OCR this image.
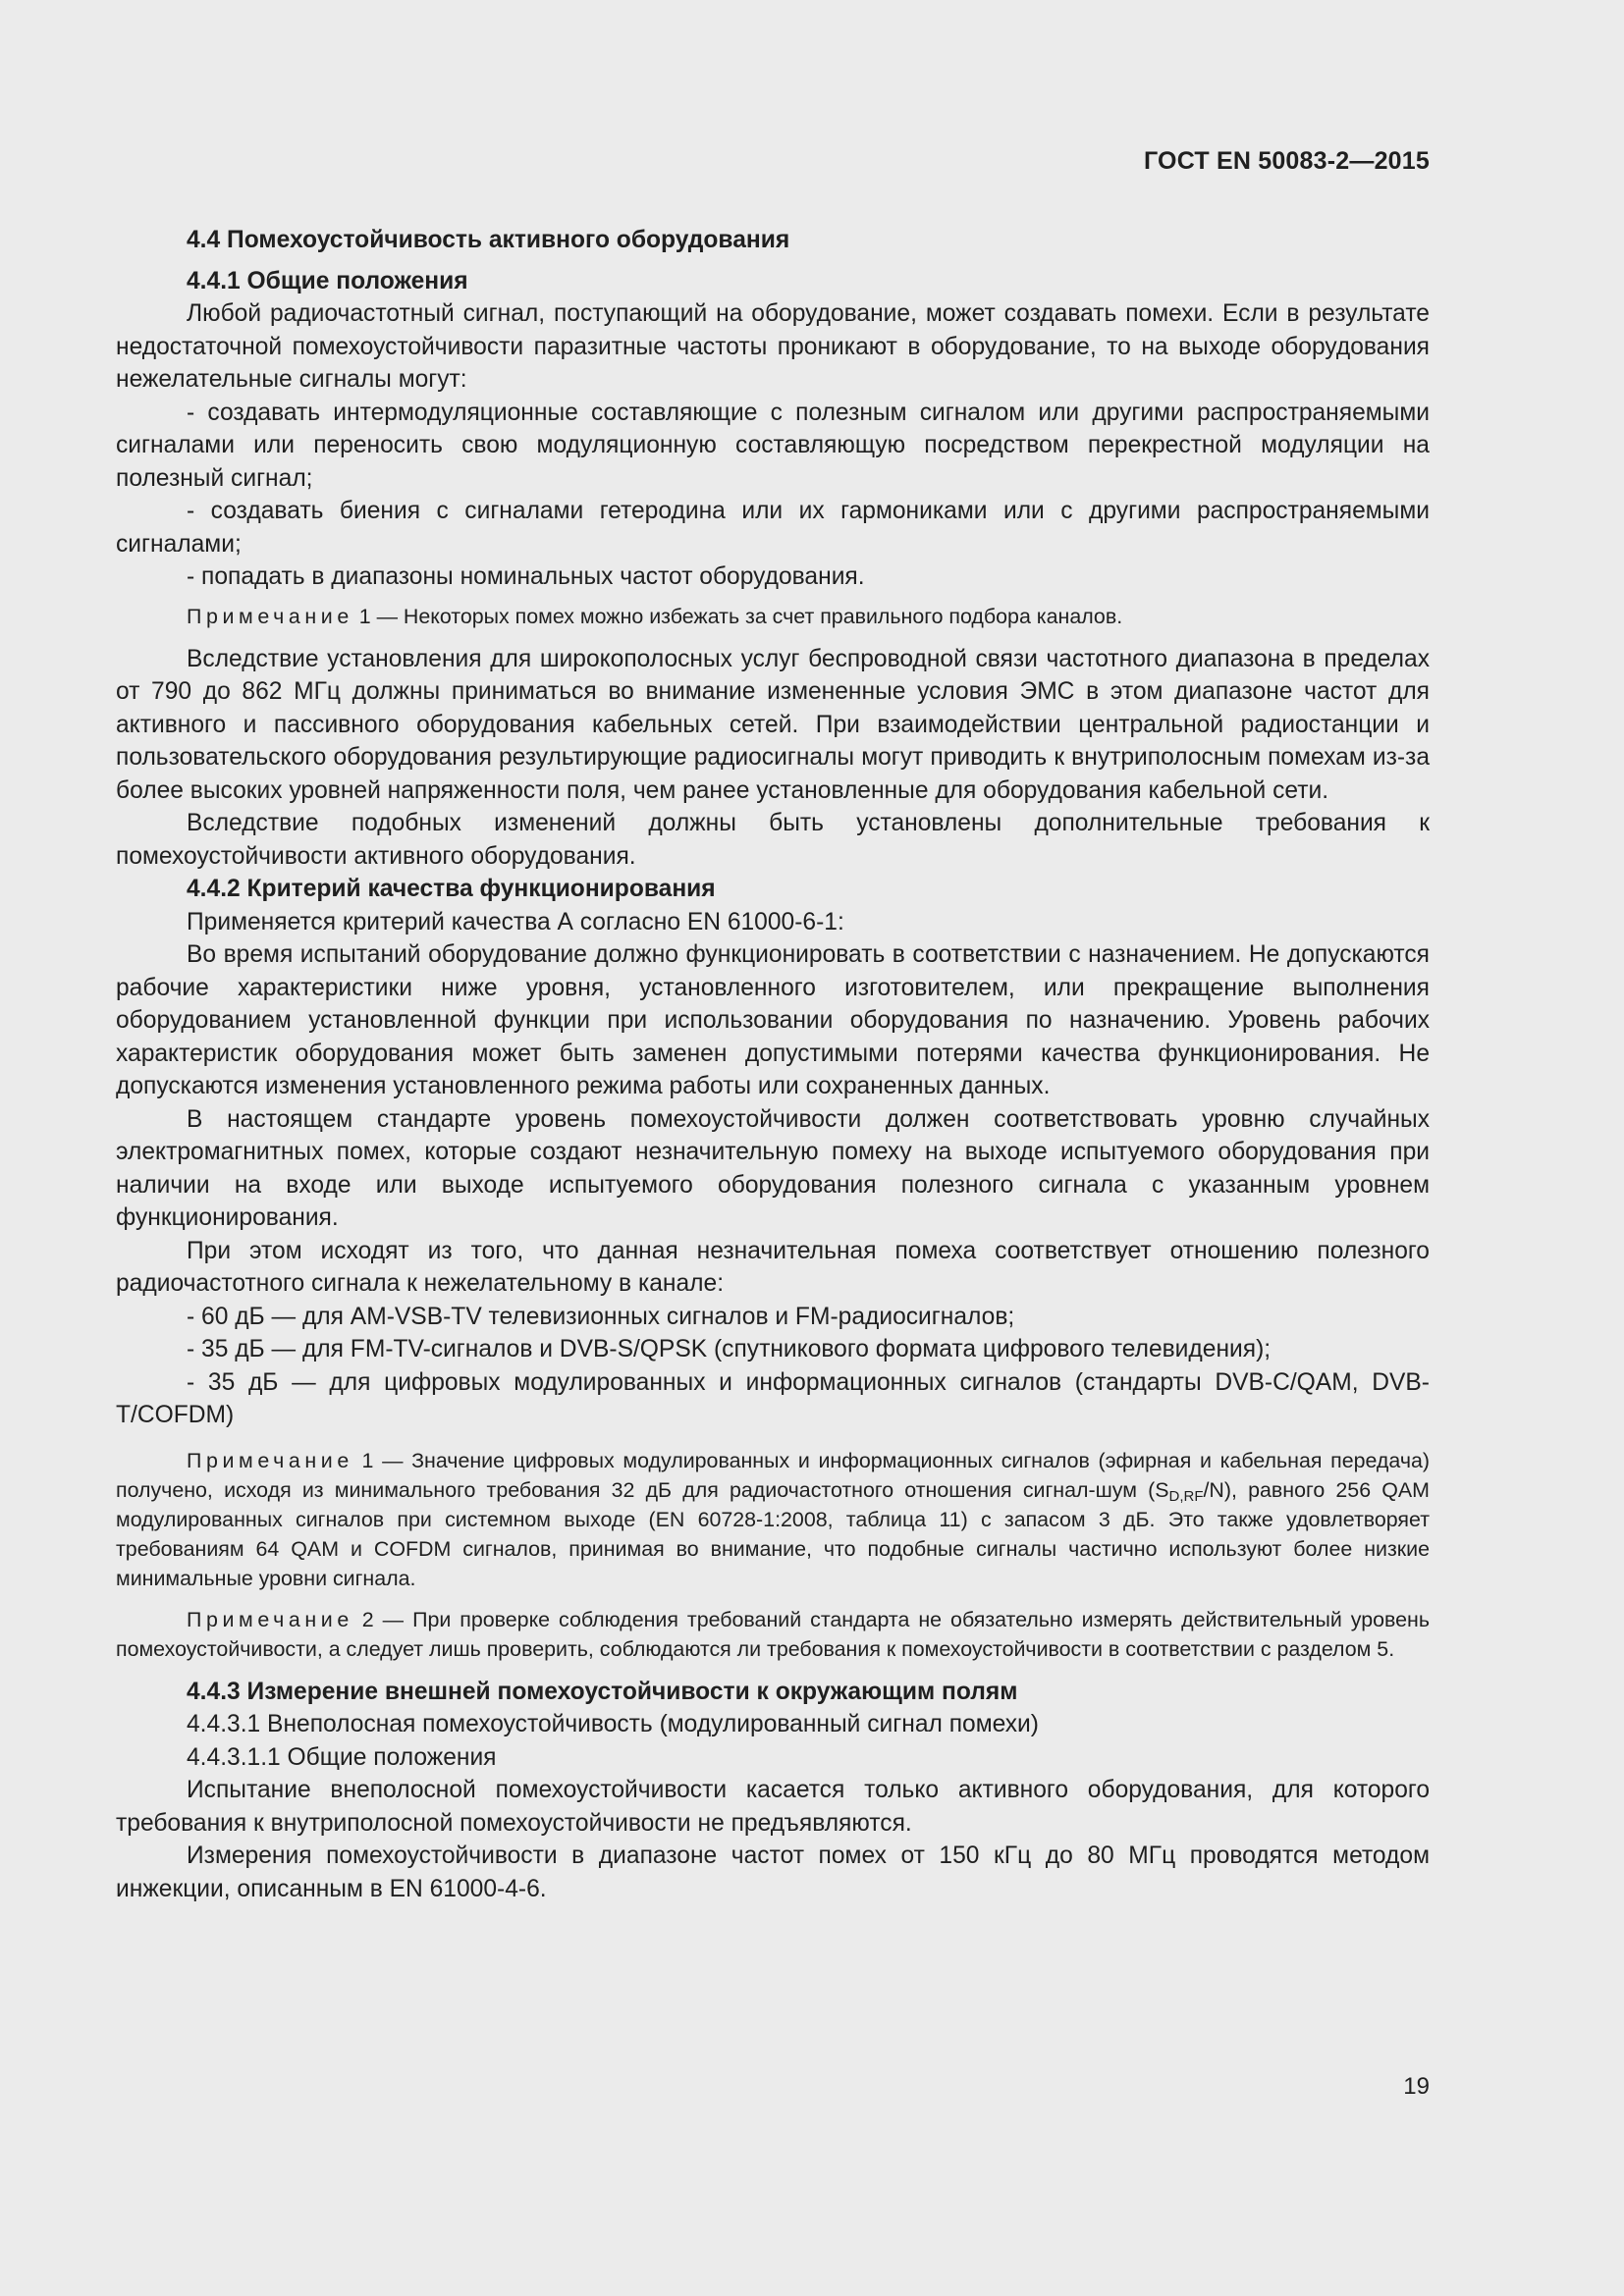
ГОСТ EN 50083-2—2015

4.4 Помехоустойчивость активного оборудования

4.4.1 Общие положения

Любой радиочастотный сигнал, поступающий на оборудование, может создавать помехи. Если в результате недостаточной помехоустойчивости паразитные частоты проникают в оборудование, то на выходе оборудования нежелательные сигналы могут:

- создавать интермодуляционные составляющие с полезным сигналом или другими распространяемыми сигналами или переносить свою модуляционную составляющую посредством перекрестной модуляции на полезный сигнал;

- создавать биения с сигналами гетеродина или их гармониками или с другими распространяемыми сигналами;

- попадать в диапазоны номинальных частот оборудования.

Примечание 1 — Некоторых помех можно избежать за счет правильного подбора каналов.

Вследствие установления для широкополосных услуг беспроводной связи частотного диапазона в пределах от 790 до 862 МГц должны приниматься во внимание измененные условия ЭМС в этом диапазоне частот для активного и пассивного оборудования кабельных сетей. При взаимодействии центральной радиостанции и пользовательского оборудования результирующие радиосигналы могут приводить к внутриполосным помехам из-за более высоких уровней напряженности поля, чем ранее установленные для оборудования кабельной сети.

Вследствие подобных изменений должны быть установлены дополнительные требования к помехоустойчивости активного оборудования.

4.4.2 Критерий качества функционирования

Применяется критерий качества А согласно EN 61000-6-1:

Во время испытаний оборудование должно функционировать в соответствии с назначением. Не допускаются рабочие характеристики ниже уровня, установленного изготовителем, или прекращение выполнения оборудованием установленной функции при использовании оборудования по назначению. Уровень рабочих характеристик оборудования может быть заменен допустимыми потерями качества функционирования. Не допускаются изменения установленного режима работы или сохраненных данных.

В настоящем стандарте уровень помехоустойчивости должен соответствовать уровню случайных электромагнитных помех, которые создают незначительную помеху на выходе испытуемого оборудования при наличии на входе или выходе испытуемого оборудования полезного сигнала с указанным уровнем функционирования.

При этом исходят из того, что данная незначительная помеха соответствует отношению полезного радиочастотного сигнала к нежелательному в канале:

- 60 дБ — для AM-VSB-TV телевизионных сигналов и FM-радиосигналов;

- 35 дБ — для FM-TV-сигналов и DVB-S/QPSK (спутникового формата цифрового телевидения);

- 35 дБ — для цифровых модулированных и информационных сигналов (стандарты DVB-C/QAM, DVB-T/COFDM)

Примечание 1 — Значение цифровых модулированных и информационных сигналов (эфирная и кабельная передача) получено, исходя из минимального требования 32 дБ для радиочастотного отношения сигнал-шум $(S_{D,RF}/N)$, равного 256 QAM модулированных сигналов при системном выходе (EN 60728-1:2008, таблица 11) с запасом 3 дБ. Это также удовлетворяет требованиям 64 QAM и COFDM сигналов, принимая во внимание, что подобные сигналы частично используют более низкие минимальные уровни сигнала.

Примечание 2 — При проверке соблюдения требований стандарта не обязательно измерять действительный уровень помехоустойчивости, а следует лишь проверить, соблюдаются ли требования к помехоустойчивости в соответствии с разделом 5.

4.4.3 Измерение внешней помехоустойчивости к окружающим полям

4.4.3.1 Внеполосная помехоустойчивость (модулированный сигнал помехи)

4.4.3.1.1 Общие положения

Испытание внеполосной помехоустойчивости касается только активного оборудования, для которого требования к внутриполосной помехоустойчивости не предъявляются.

Измерения помехоустойчивости в диапазоне частот помех от 150 кГц до 80 МГц проводятся методом инжекции, описанным в EN 61000-4-6.

19
